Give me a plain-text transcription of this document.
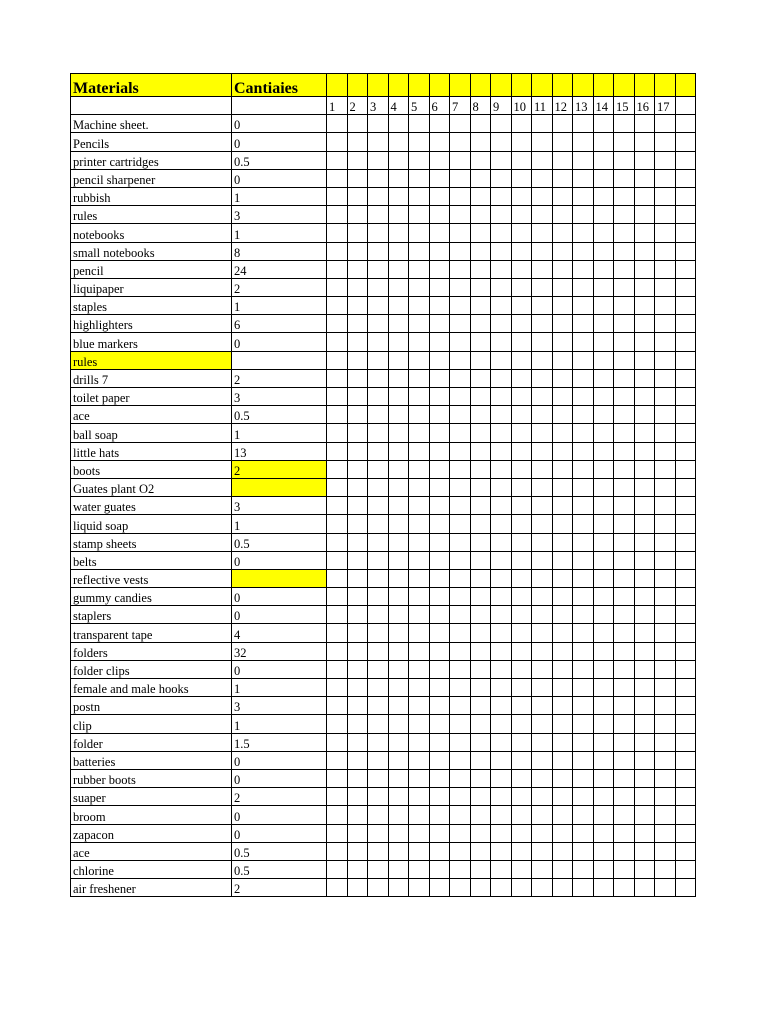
Materials	Cantiaies																		
		1	2	3	4	5	6	7	8	9	10	11	12	13	14	15	16	17	
Machine sheet.	0																		
Pencils	0																		
printer cartridges	0.5																		
pencil sharpener	0																		
rubbish	1																		
rules	3																		
notebooks	1																		
small notebooks	8																		
pencil	24																		
liquipaper	2																		
staples	1																		
highlighters	6																		
blue markers	0																		
rules																			
drills 7	2																		
toilet paper	3																		
ace	0.5																		
ball soap	1																		
little hats	13																		
boots	2																		
Guates plant O2																			
water guates	3																		
liquid soap	1																		
stamp sheets	0.5																		
belts	0																		
reflective vests																			
gummy candies	0																		
staplers	0																		
transparent tape	4																		
folders	32																		
folder clips	0																		
female and male hooks	1																		
postn	3																		
clip	1																		
folder	1.5																		
batteries	0																		
rubber boots	0																		
suaper	2																		
broom	0																		
zapacon	0																		
ace	0.5																		
chlorine	0.5																		
air freshener	2																		
